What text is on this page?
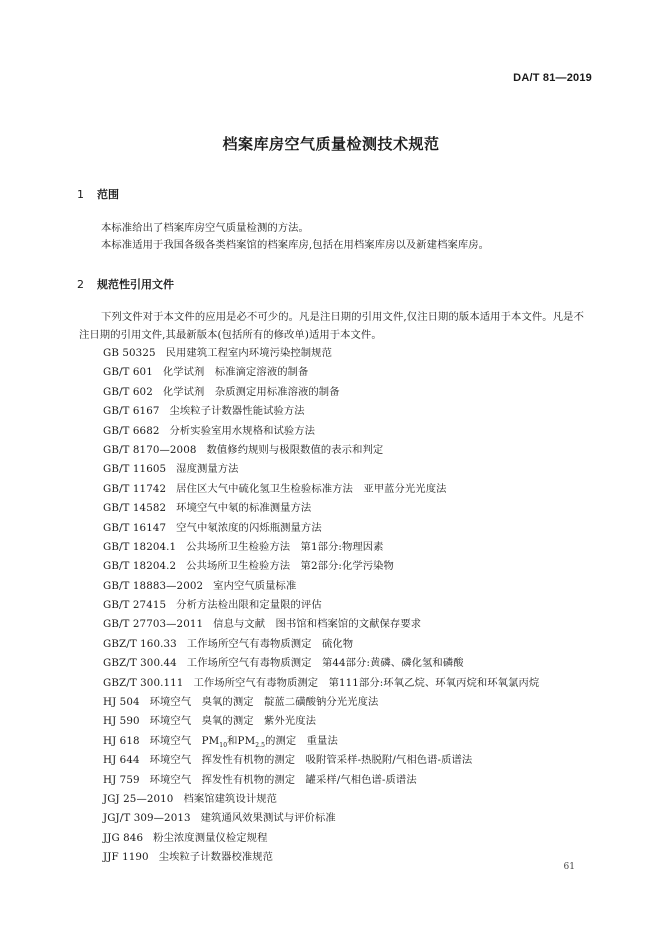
DA/T 81—2019
档案库房空气质量检测技术规范
1 范围
本标准给出了档案库房空气质量检测的方法。
本标准适用于我国各级各类档案馆的档案库房,包括在用档案库房以及新建档案库房。
2 规范性引用文件
下列文件对于本文件的应用是必不可少的。凡是注日期的引用文件,仅注日期的版本适用于本文件。凡是不注日期的引用文件,其最新版本(包括所有的修改单)适用于本文件。
GB 50325 民用建筑工程室内环境污染控制规范
GB/T 601 化学试剂　标准滴定溶液的制备
GB/T 602 化学试剂　杂质测定用标准溶液的制备
GB/T 6167 尘埃粒子计数器性能试验方法
GB/T 6682 分析实验室用水规格和试验方法
GB/T 8170—2008 数值修约规则与极限数值的表示和判定
GB/T 11605 湿度测量方法
GB/T 11742 居住区大气中硫化氢卫生检验标准方法　亚甲蓝分光光度法
GB/T 14582 环境空气中氡的标准测量方法
GB/T 16147 空气中氡浓度的闪烁瓶测量方法
GB/T 18204.1 公共场所卫生检验方法　第1部分:物理因素
GB/T 18204.2 公共场所卫生检验方法　第2部分:化学污染物
GB/T 18883—2002 室内空气质量标准
GB/T 27415 分析方法检出限和定量限的评估
GB/T 27703—2011 信息与文献　图书馆和档案馆的文献保存要求
GBZ/T 160.33 工作场所空气有毒物质测定　硫化物
GBZ/T 300.44 工作场所空气有毒物质测定　第44部分:黄磷、磷化氢和磷酸
GBZ/T 300.111 工作场所空气有毒物质测定　第111部分:环氧乙烷、环氧丙烷和环氧氯丙烷
HJ 504 环境空气　臭氧的测定　靛蓝二磺酸钠分光光度法
HJ 590 环境空气　臭氧的测定　紫外光度法
HJ 618 环境空气　$PM_{10}$和$PM_{2.5}$的测定　重量法
HJ 644 环境空气　挥发性有机物的测定　吸附管采样-热脱附/气相色谱-质谱法
HJ 759 环境空气　挥发性有机物的测定　罐采样/气相色谱-质谱法
JGJ 25—2010 档案馆建筑设计规范
JGJ/T 309—2013 建筑通风效果测试与评价标准
JJG 846 粉尘浓度测量仪检定规程
JJF 1190 尘埃粒子计数器校准规范
61
